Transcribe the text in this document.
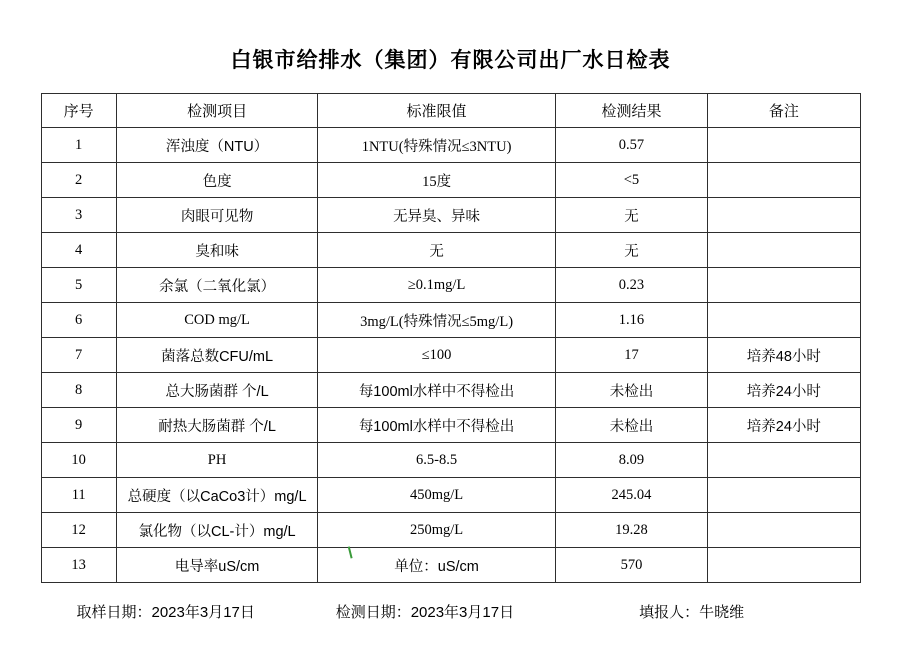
白银市给排水（集团）有限公司出厂水日检表
序号	检测项目	标准限值	检测结果	备注
1	浑浊度（NTU）	1NTU(特殊情况≤3NTU)	0.57	
2	色度	15度	<5	
3	肉眼可见物	无异臭、异味	无	
4	臭和味	无	无	
5	余氯（二氧化氯）	≥0.1mg/L	0.23	
6	COD mg/L	3mg/L(特殊情况≤5mg/L)	1.16	
7	菌落总数CFU/mL	≤100	17	培养48小时
8	总大肠菌群 个/L	每100ml水样中不得检出	未检出	培养24小时
9	耐热大肠菌群 个/L	每100ml水样中不得检出	未检出	培养24小时
10	PH	6.5-8.5	8.09	
11	总硬度（以CaCo3计）mg/L	450mg/L	245.04	
12	氯化物（以CL-计）mg/L	250mg/L	19.28	
13	电导率uS/cm	单位：uS/cm	570	
取样日期：2023年3月17日	检测日期：2023年3月17日	填报人：牛晓维
